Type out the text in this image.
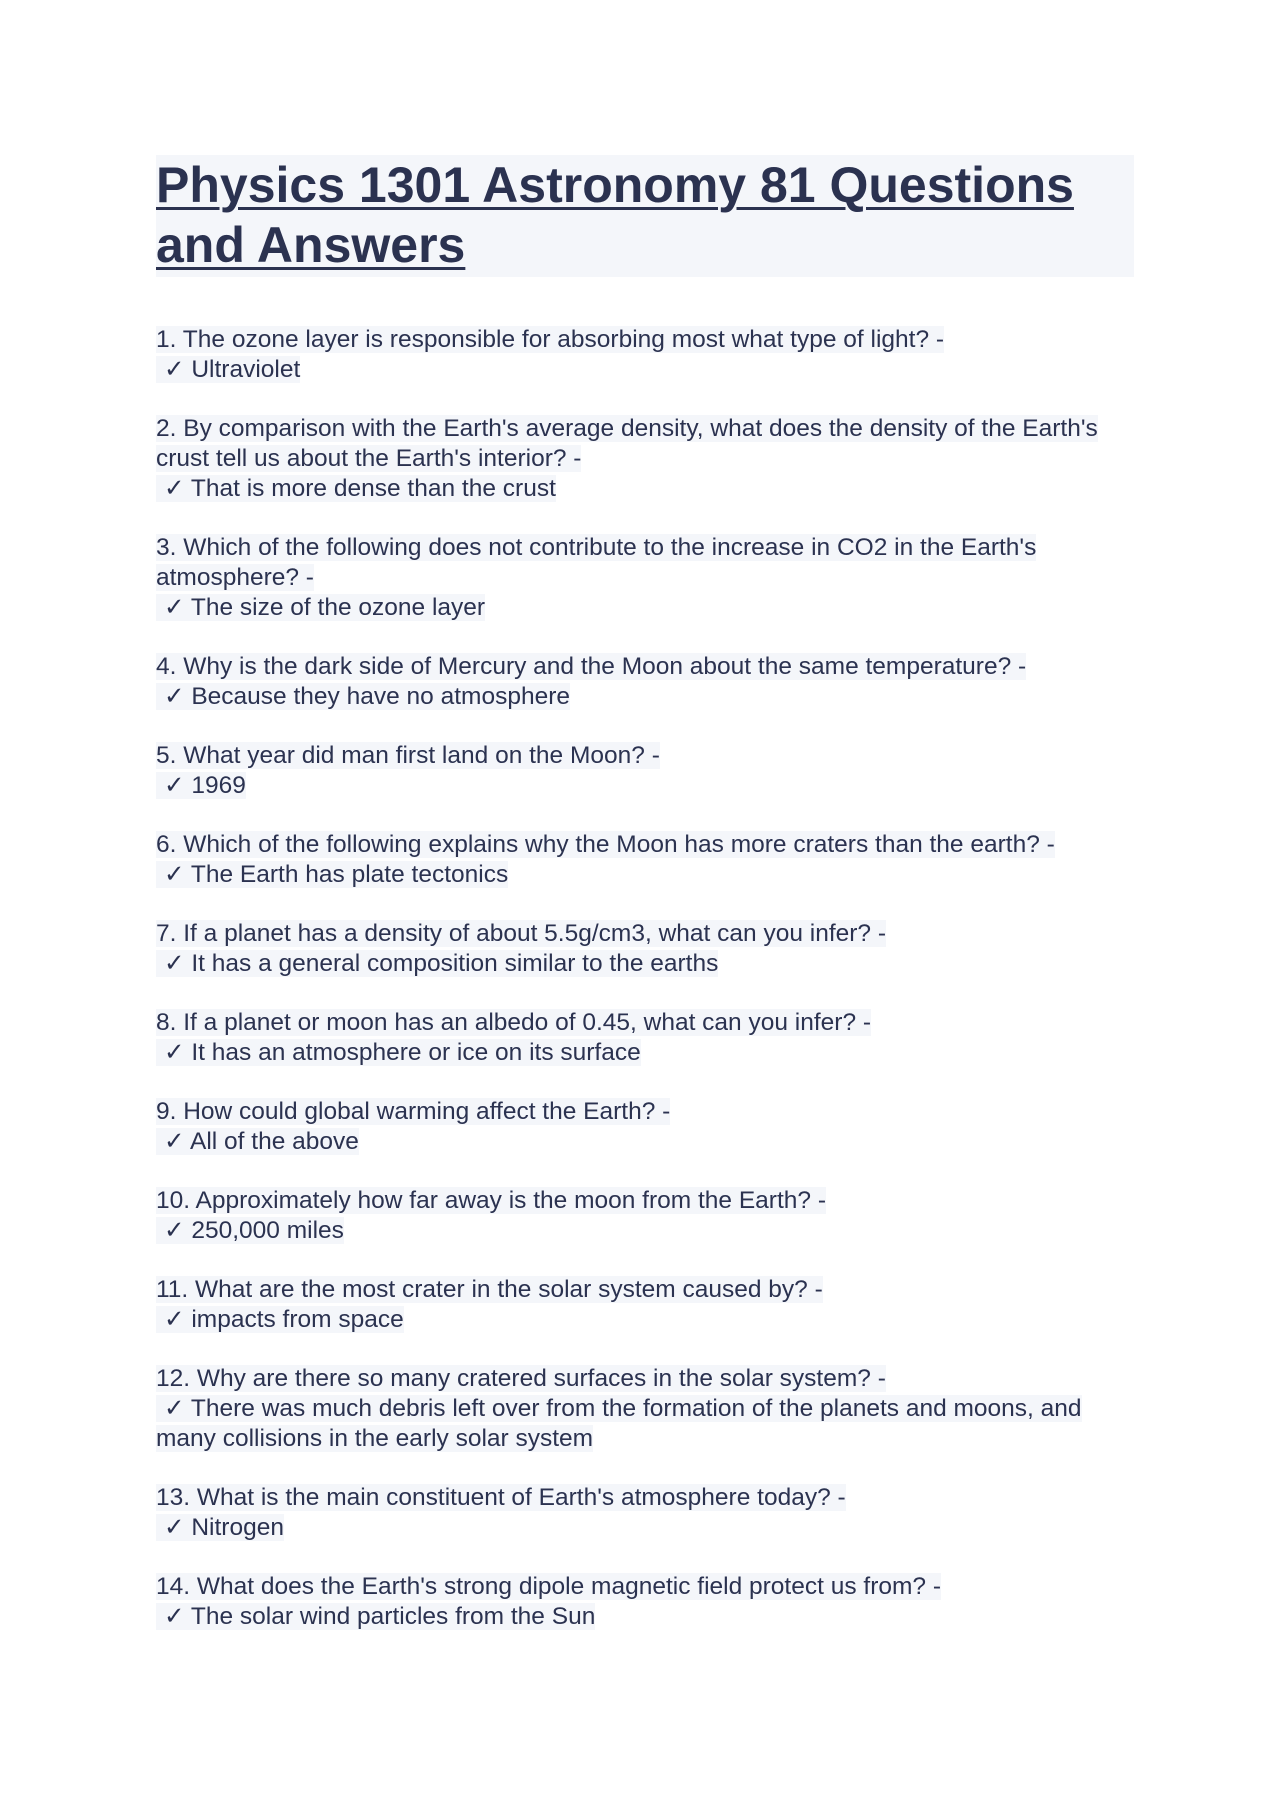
Physics 1301 Astronomy 81 Questions and Answers
1. The ozone layer is responsible for absorbing most what type of light? -
✓ Ultraviolet
2. By comparison with the Earth's average density, what does the density of the Earth's crust tell us about the Earth's interior? -
✓ That is more dense than the crust
3. Which of the following does not contribute to the increase in CO2 in the Earth's atmosphere? -
✓ The size of the ozone layer
4. Why is the dark side of Mercury and the Moon about the same temperature? -
✓ Because they have no atmosphere
5. What year did man first land on the Moon? -
✓ 1969
6. Which of the following explains why the Moon has more craters than the earth? -
✓ The Earth has plate tectonics
7. If a planet has a density of about 5.5g/cm3, what can you infer? -
✓ It has a general composition similar to the earths
8. If a planet or moon has an albedo of 0.45, what can you infer? -
✓ It has an atmosphere or ice on its surface
9. How could global warming affect the Earth? -
✓ All of the above
10. Approximately how far away is the moon from the Earth? -
✓ 250,000 miles
11. What are the most crater in the solar system caused by? -
✓ impacts from space
12. Why are there so many cratered surfaces in the solar system? -
✓ There was much debris left over from the formation of the planets and moons, and many collisions in the early solar system
13. What is the main constituent of Earth's atmosphere today? -
✓ Nitrogen
14. What does the Earth's strong dipole magnetic field protect us from? -
✓ The solar wind particles from the Sun
